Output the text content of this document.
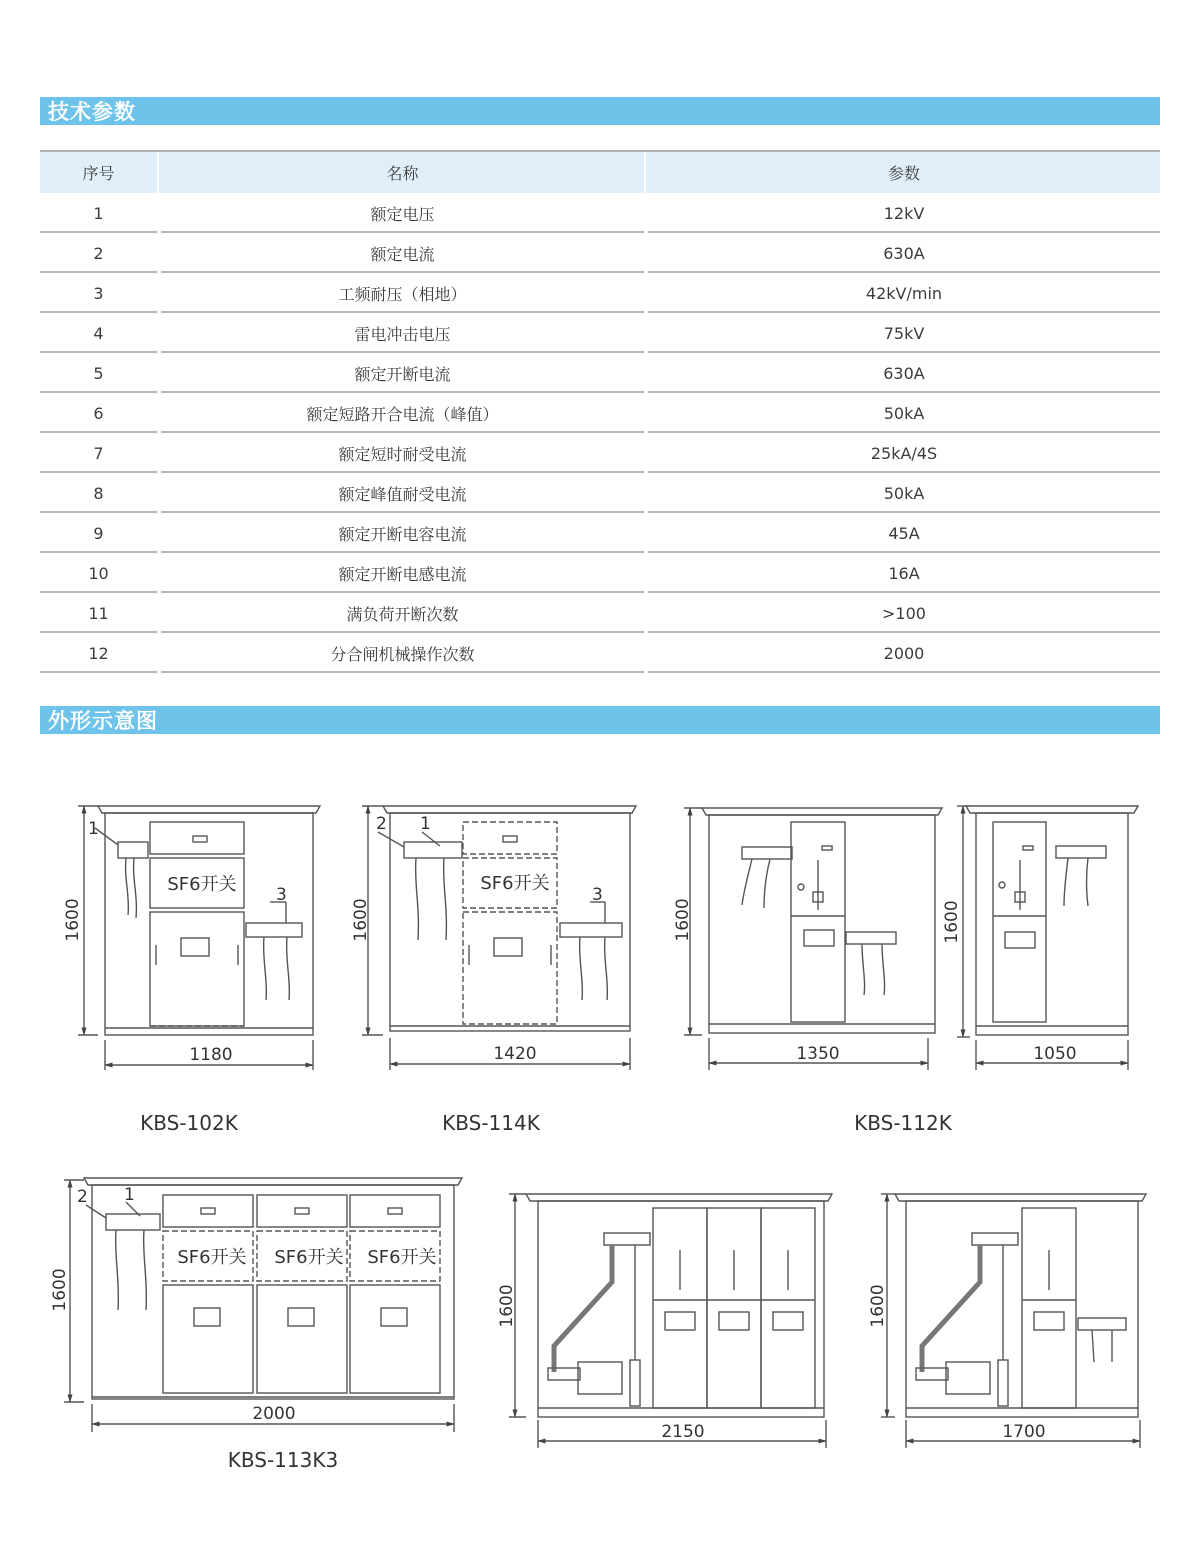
技术参数
序号	名称	参数
1	额定电压	12kV
2	额定电流	630A
3	工频耐压（相地）	42kV/min
4	雷电冲击电压	75kV
5	额定开断电流	630A
6	额定短路开合电流（峰值）	50kA
7	额定短时耐受电流	25kA/4S
8	额定峰值耐受电流	50kA
9	额定开断电容电流	45A
10	额定开断电感电流	16A
11	满负荷开断次数	>100
12	分合闸机械操作次数	2000
外形示意图
1
3
SF6开关
1600
1180
KBS-102K
2 1
3
SF6开关
1600
1420
KBS-114K
1600
1350
1600
1050
KBS-112K
2 1
SF6开关 SF6开关 SF6开关
1600
2000
KBS-113K3
1600
2150
1600
1700
